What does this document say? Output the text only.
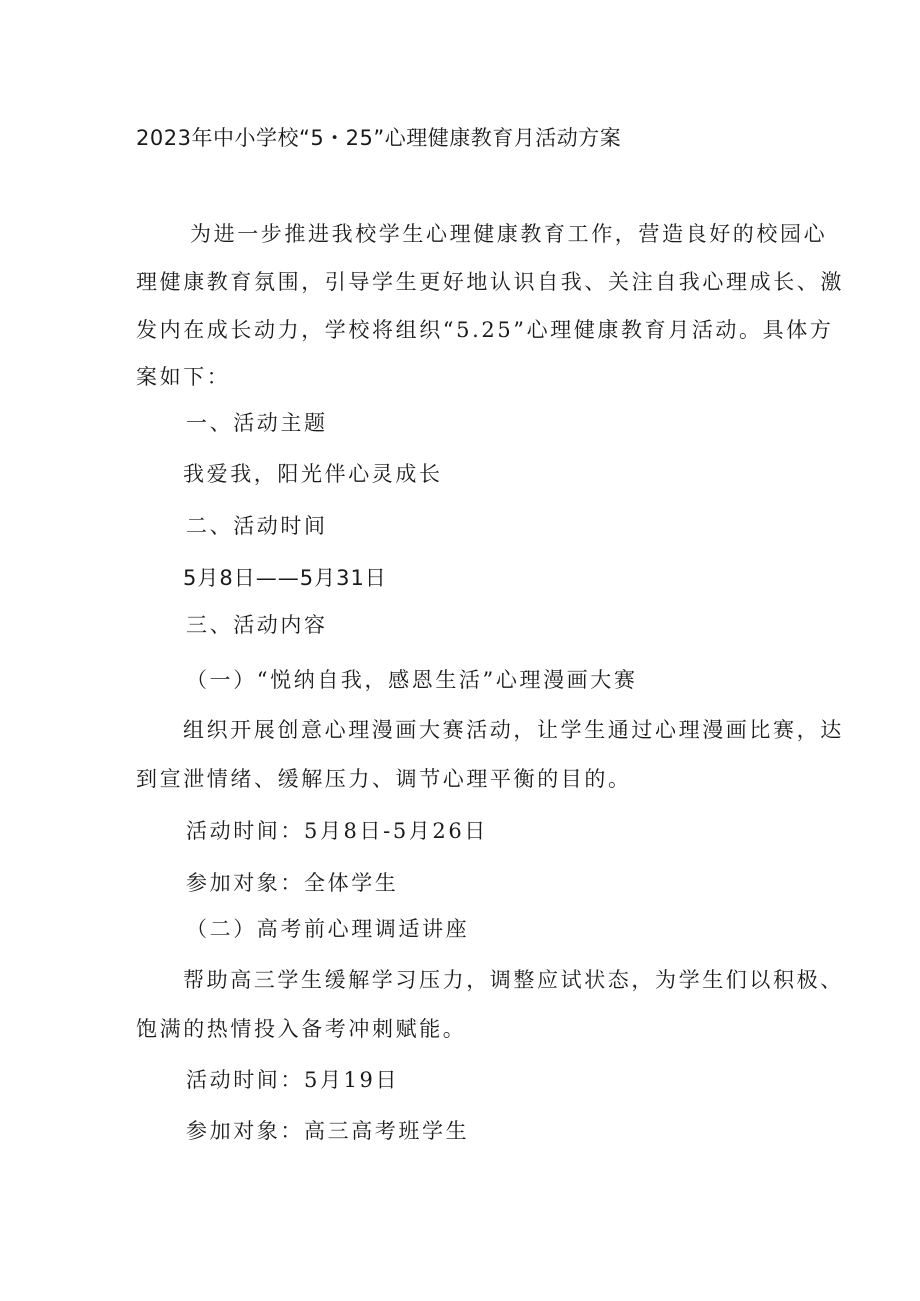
2023年中小学校“5・25”心理健康教育月活动方案
为进一步推进我校学生心理健康教育工作，营造良好的校园心
理健康教育氛围，引导学生更好地认识自我、关注自我心理成长、激
发内在成长动力，学校将组织“5.25”心理健康教育月活动。具体方
案如下：
一、活动主题
我爱我，阳光伴心灵成长
二、活动时间
5月8日——5月31日
三、活动内容
（一）“悦纳自我，感恩生活”心理漫画大赛
组织开展创意心理漫画大赛活动，让学生通过心理漫画比赛，达
到宣泄情绪、缓解压力、调节心理平衡的目的。
活动时间：5月8日-5月26日
参加对象：全体学生
（二）高考前心理调适讲座
帮助高三学生缓解学习压力，调整应试状态，为学生们以积极、
饱满的热情投入备考冲刺赋能。
活动时间：5月19日
参加对象：高三高考班学生
